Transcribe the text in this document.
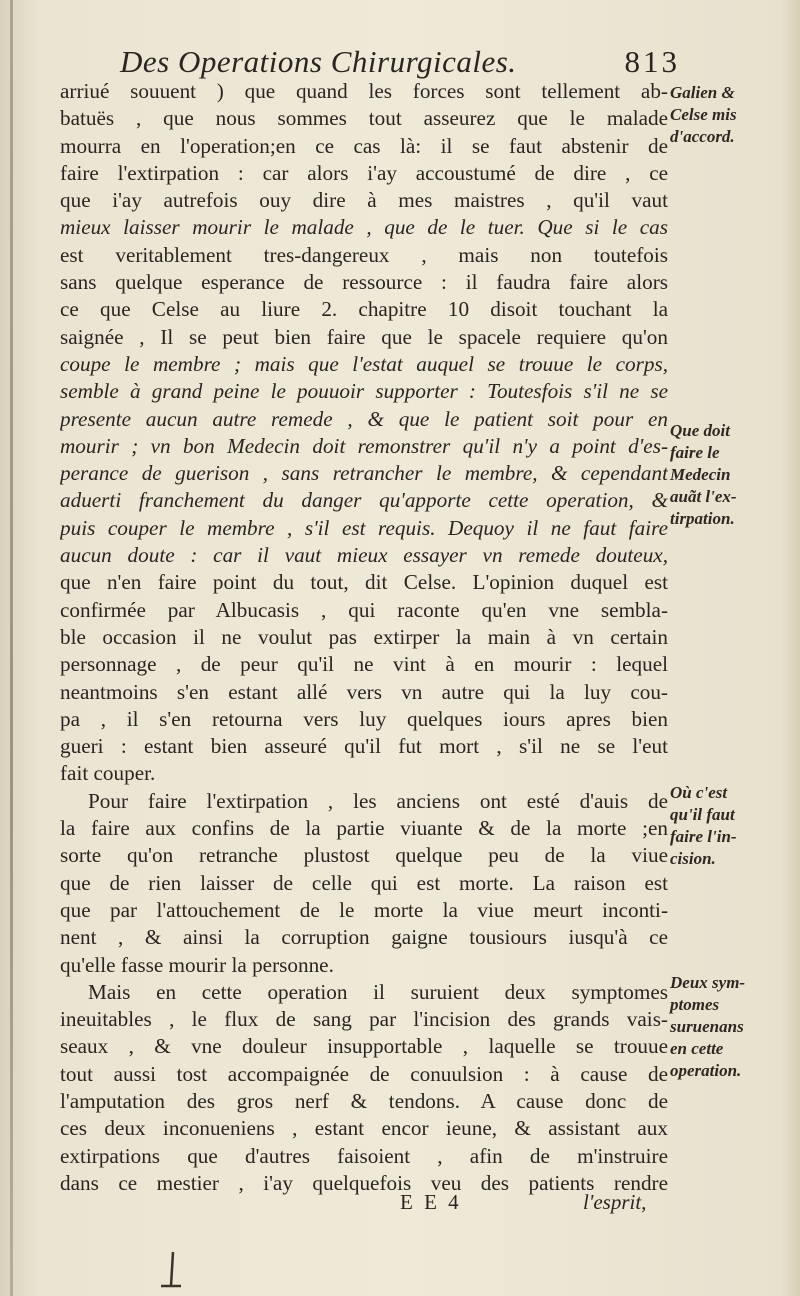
Des Operations Chirurgicales.	813
arriué souuent ) que quand les forces sont tellement ab-
batuës , que nous sommes tout asseurez que le malade
mourra en l'operation;en ce cas là: il se faut abstenir de
faire l'extirpation : car alors i'ay accoustumé de dire , ce
que i'ay autrefois ouy dire à mes maistres , qu'il vaut
mieux laisser mourir le malade , que de le tuer. Que si le cas
est veritablement tres-dangereux , mais non toutefois
sans quelque esperance de ressource : il faudra faire alors
ce que Celse au liure 2. chapitre 10 disoit touchant la
saignée , Il se peut bien faire que le spacele requiere qu'on
coupe le membre ; mais que l'estat auquel se trouue le corps,
semble à grand peine le pouuoir supporter : Toutesfois s'il ne se
presente aucun autre remede , & que le patient soit pour en
mourir ; vn bon Medecin doit remonstrer qu'il n'y a point d'es-
perance de guerison , sans retrancher le membre, & cependant
aduerti franchement du danger qu'apporte cette operation, &
puis couper le membre , s'il est requis. Dequoy il ne faut faire
aucun doute : car il vaut mieux essayer vn remede douteux,
que n'en faire point du tout, dit Celse. L'opinion duquel est
confirmée par Albucasis , qui raconte qu'en vne sembla-
ble occasion il ne voulut pas extirper la main à vn certain
personnage , de peur qu'il ne vint à en mourir : lequel
neantmoins s'en estant allé vers vn autre qui la luy cou-
pa , il s'en retourna vers luy quelques iours apres bien
gueri : estant bien asseuré qu'il fut mort , s'il ne se l'eut
fait couper.
Pour faire l'extirpation , les anciens ont esté d'auis de
la faire aux confins de la partie viuante & de la morte ;en
sorte qu'on retranche plustost quelque peu de la viue
que de rien laisser de celle qui est morte. La raison est
que par l'attouchement de le morte la viue meurt inconti-
nent , & ainsi la corruption gaigne tousiours iusqu'à ce
qu'elle fasse mourir la personne.
Mais en cette operation il suruient deux symptomes
ineuitables , le flux de sang par l'incision des grands vais-
seaux , & vne douleur insupportable , laquelle se trouue
tout aussi tost accompaignée de conuulsion : à cause de
l'amputation des gros nerf & tendons. A cause donc de
ces deux inconueniens , estant encor ieune, & assistant aux
extirpations que d'autres faisoient , afin de m'instruire
dans ce mestier , i'ay quelquefois veu des patients rendre
Galien &
Celse mis
d'accord.
Que doit
faire le
Medecin
auãt l'ex-
tirpation.
Où c'est
qu'il faut
faire l'in-
cision.
Deux sym-
ptomes
suruenans
en cette
operation.
E E 4	l'esprit,
